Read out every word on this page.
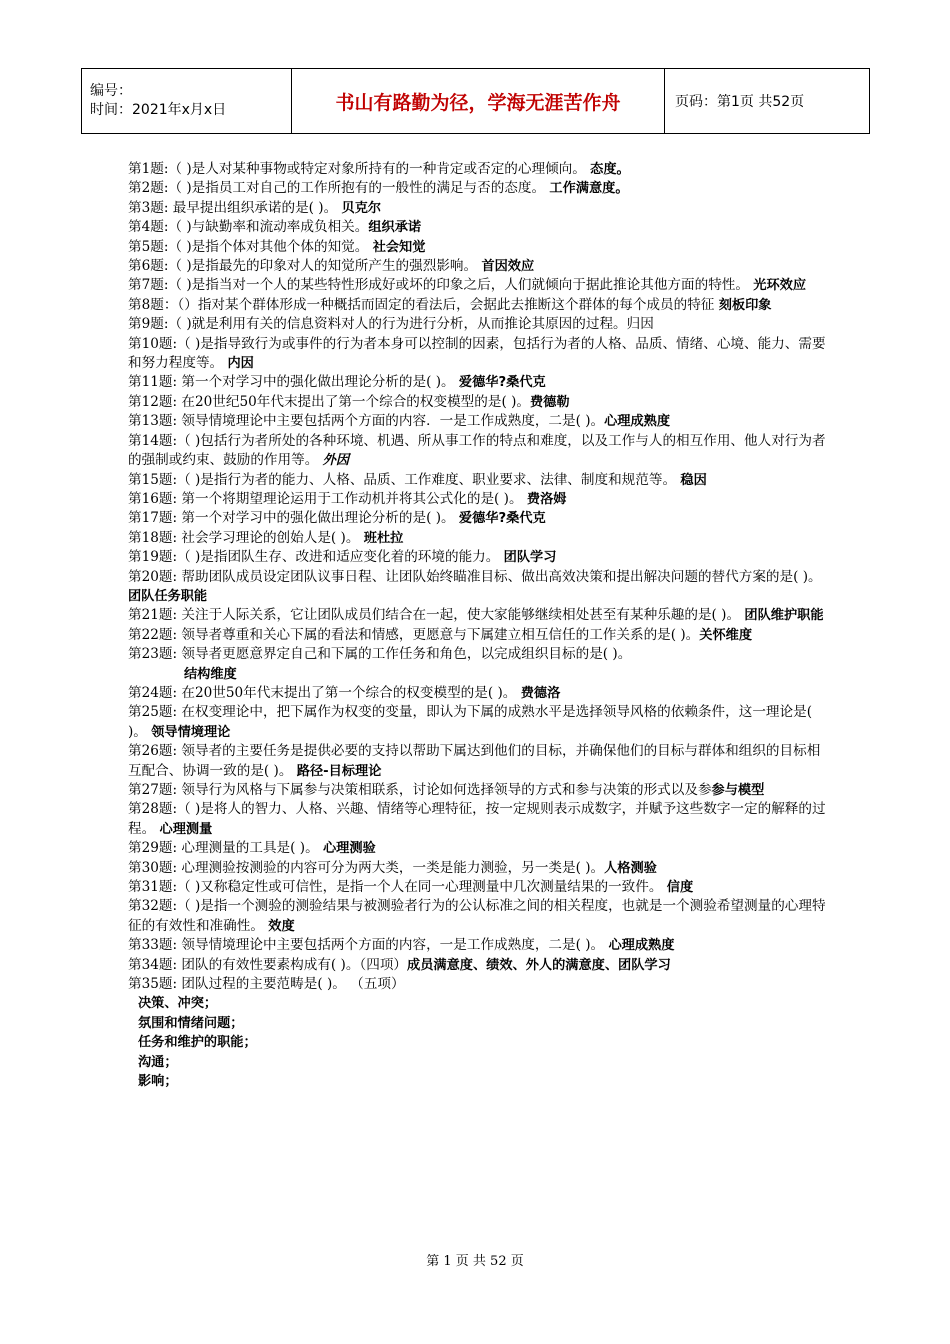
编号：
时间：2021年x月x日	书山有路勤为径，学海无涯苦作舟	页码：第1页 共52页

第1题:（ )是人对某种事物或特定对象所持有的一种肯定或否定的心理倾向。 态度。

第2题:（ )是指员工对自己的工作所抱有的一般性的满足与否的态度。 工作满意度。

第3题: 最早提出组织承诺的是( )。 贝克尔

第4题:（ )与缺勤率和流动率成负相关。组织承诺

第5题:（ )是指个体对其他个体的知觉。 社会知觉

第6题:（ )是指最先的印象对人的知觉所产生的强烈影响。 首因效应

第7题:（ )是指当对一个人的某些特性形成好或坏的印象之后，人们就倾向于据此推论其他方面的特性。 光环效应

第8题：（）指对某个群体形成一种概括而固定的看法后，会据此去推断这个群体的每个成员的特征 刻板印象

第9题:（ )就是利用有关的信息资料对人的行为进行分析，从而推论其原因的过程。归因

第10题:（ )是指导致行为或事件的行为者本身可以控制的因素，包括行为者的人格、品质、情绪、心境、能力、需要和努力程度等。 内因

第11题: 第一个对学习中的强化做出理论分析的是( )。 爱德华?桑代克

第12题: 在20世纪50年代末提出了第一个综合的权变模型的是( )。费德勒

第13题: 领导情境理论中主要包括两个方面的内容．一是工作成熟度，二是( )。心理成熟度

第14题:（ )包括行为者所处的各种环境、机遇、所从事工作的特点和难度，以及工作与人的相互作用、他人对行为者的强制或约束、鼓励的作用等。 外因

第15题:（ )是指行为者的能力、人格、品质、工作难度、职业要求、法律、制度和规范等。 稳因

第16题: 第一个将期望理论运用于工作动机并将其公式化的是( )。 费洛姆

第17题: 第一个对学习中的强化做出理论分析的是( )。 爱德华?桑代克

第18题: 社会学习理论的创始人是( )。 班杜拉

第19题:（ )是指团队生存、改进和适应变化着的环境的能力。 团队学习

第20题: 帮助团队成员设定团队议事日程、让团队始终瞄准目标、做出高效决策和提出解决问题的替代方案的是( )。 团队任务职能

第21题: 关注于人际关系，它让团队成员们结合在一起，使大家能够继续相处甚至有某种乐趣的是( )。 团队维护职能

第22题: 领导者尊重和关心下属的看法和情感，更愿意与下属建立相互信任的工作关系的是( )。关怀维度

第23题: 领导者更愿意界定自己和下属的工作任务和角色，以完成组织目标的是( )。
结构维度

第24题: 在20世50年代末提出了第一个综合的权变模型的是( )。 费德洛

第25题: 在权变理论中，把下属作为权变的变量，即认为下属的成熟水平是选择领导风格的依赖条件，这一理论是( )。 领导情境理论

第26题: 领导者的主要任务是提供必要的支持以帮助下属达到他们的目标，并确保他们的目标与群体和组织的目标相互配合、协调一致的是( )。 路径-目标理论

第27题: 领导行为风格与下属参与决策相联系，讨论如何选择领导的方式和参与决策的形式以及参参与模型

第28题:（ )是将人的智力、人格、兴趣、情绪等心理特征，按一定规则表示成数字，并赋予这些数字一定的解释的过程。 心理测量

第29题: 心理测量的工具是( )。 心理测验

第30题: 心理测验按测验的内容可分为两大类，一类是能力测验，另一类是( )。人格测验

第31题:（ )又称稳定性或可信性，是指一个人在同一心理测量中几次测量结果的一致件。 信度

第32题:（ )是指一个测验的测验结果与被测验者行为的公认标准之间的相关程度，也就是一个测验希望测量的心理特征的有效性和准确性。 效度

第33题: 领导情境理论中主要包括两个方面的内容，一是工作成熟度，二是( )。 心理成熟度

第34题: 团队的有效性要素构成有( )。（四项）成员满意度、绩效、外人的满意度、团队学习

第35题: 团队过程的主要范畴是( )。 （五项）

决策、冲突；

氛围和情绪问题；

任务和维护的职能；

沟通；

影响；

第 1 页 共 52 页
